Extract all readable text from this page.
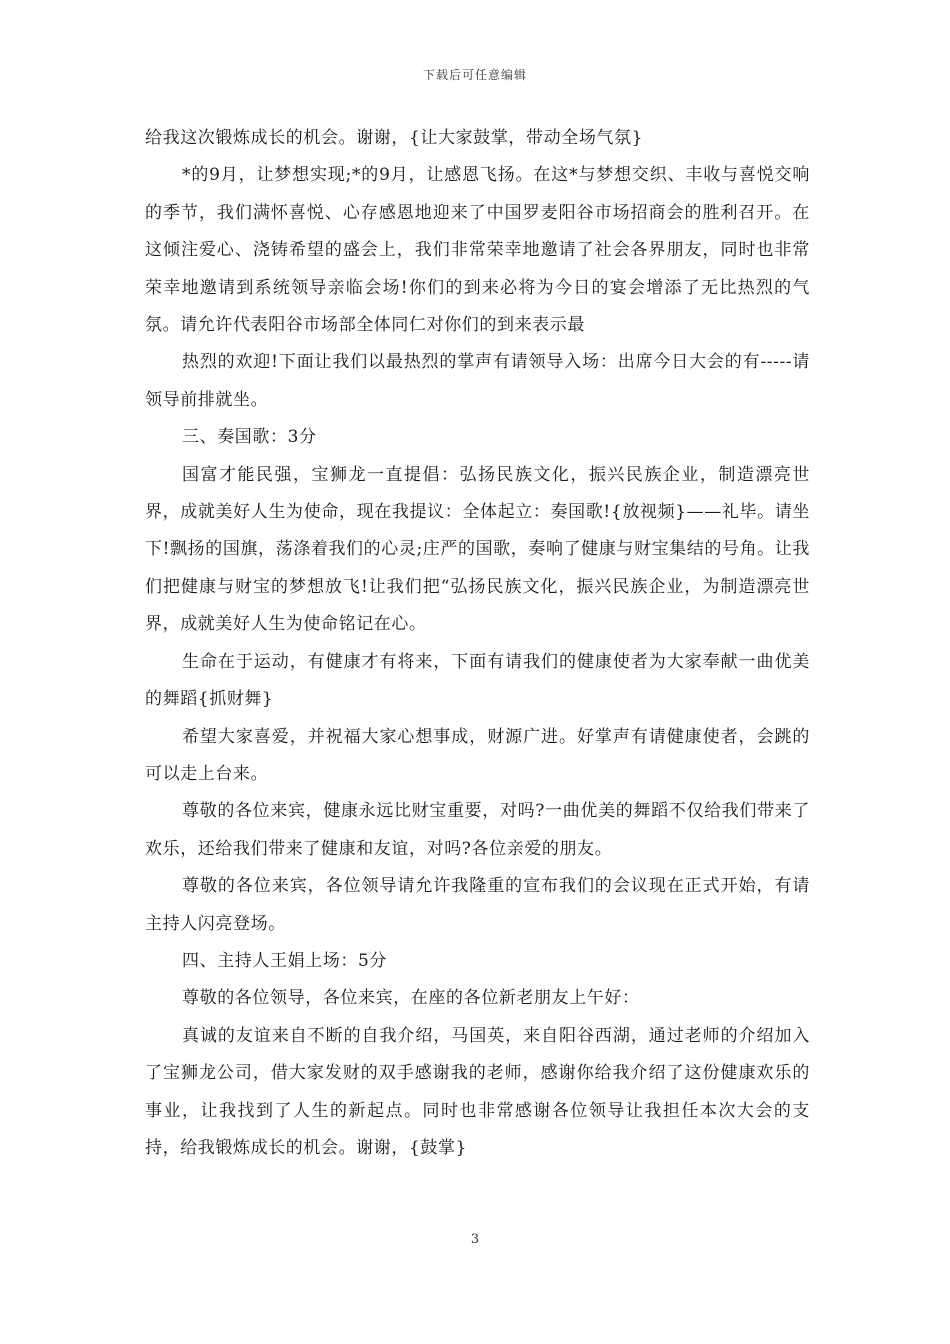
下载后可任意编辑

给我这次锻炼成长的机会。谢谢，{让大家鼓掌，带动全场气氛}

*的9月，让梦想实现;*的9月，让感恩飞扬。在这*与梦想交织、丰收与喜悦交响的季节，我们满怀喜悦、心存感恩地迎来了中国罗麦阳谷市场招商会的胜利召开。在这倾注爱心、浇铸希望的盛会上，我们非常荣幸地邀请了社会各界朋友，同时也非常荣幸地邀请到系统领导亲临会场!你们的到来必将为今日的宴会增添了无比热烈的气氛。请允许代表阳谷市场部全体同仁对你们的到来表示最

热烈的欢迎!下面让我们以最热烈的掌声有请领导入场：出席今日大会的有-----请领导前排就坐。

三、奏国歌：3分

国富才能民强，宝狮龙一直提倡：弘扬民族文化，振兴民族企业，制造漂亮世界，成就美好人生为使命，现在我提议：全体起立：奏国歌!{放视频}——礼毕。请坐下!飘扬的国旗，荡涤着我们的心灵;庄严的国歌，奏响了健康与财宝集结的号角。让我们把健康与财宝的梦想放飞!让我们把“弘扬民族文化，振兴民族企业，为制造漂亮世界，成就美好人生为使命铭记在心。

生命在于运动，有健康才有将来，下面有请我们的健康使者为大家奉献一曲优美的舞蹈{抓财舞}

希望大家喜爱，并祝福大家心想事成，财源广进。好掌声有请健康使者，会跳的可以走上台来。

尊敬的各位来宾，健康永远比财宝重要，对吗?一曲优美的舞蹈不仅给我们带来了欢乐，还给我们带来了健康和友谊，对吗?各位亲爱的朋友。

尊敬的各位来宾，各位领导请允许我隆重的宣布我们的会议现在正式开始，有请主持人闪亮登场。

四、主持人王娟上场：5分

尊敬的各位领导，各位来宾，在座的各位新老朋友上午好：

真诚的友谊来自不断的自我介绍，马国英，来自阳谷西湖，通过老师的介绍加入了宝狮龙公司，借大家发财的双手感谢我的老师，感谢你给我介绍了这份健康欢乐的事业，让我找到了人生的新起点。同时也非常感谢各位领导让我担任本次大会的支持，给我锻炼成长的机会。谢谢，{鼓掌}

3
